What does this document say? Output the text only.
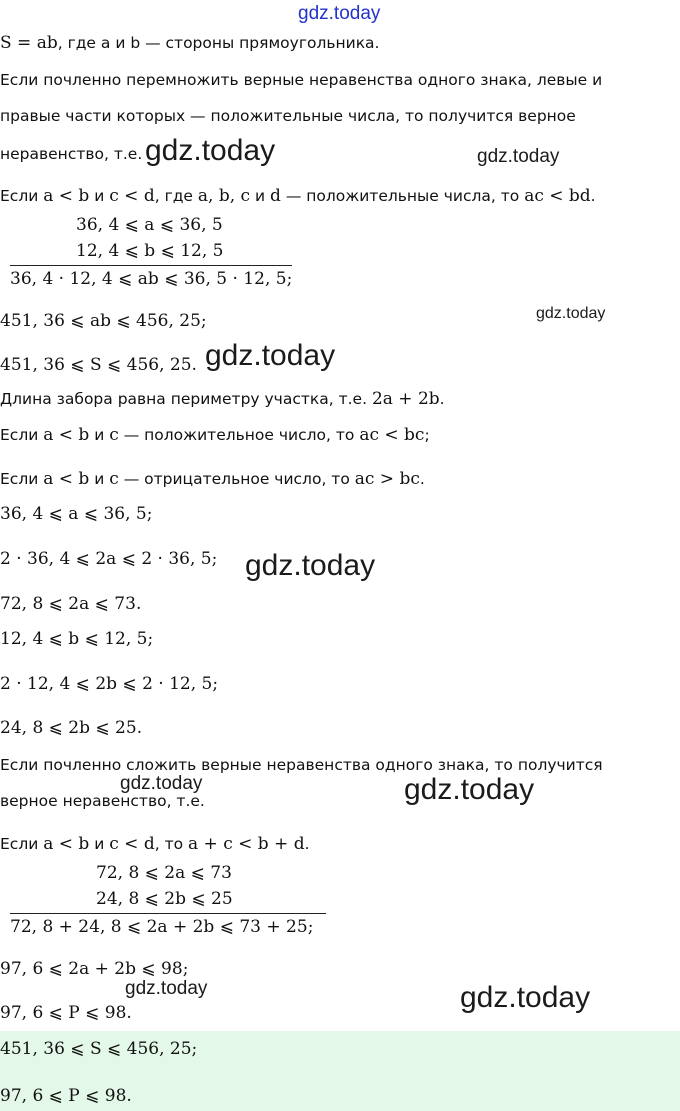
gdz.today
gdz.today	gdz.today
gdz.today
gdz.today
gdz.today
gdz.today	gdz.today
gdz.today	gdz.today
S = ab, где a и b — стороны прямоугольника.
Если почленно перемножить верные неравенства одного знака, левые и
правые части которых — положительные числа, то получится верное
неравенство, т.е.
Если a < b и c < d, где a, b, c и d — положительные числа, то ac < bd.
36, 4 ⩽ a ⩽ 36, 5
12, 4 ⩽ b ⩽ 12, 5
36, 4 · 12, 4 ⩽ ab ⩽ 36, 5 · 12, 5;
451, 36 ⩽ ab ⩽ 456, 25;
451, 36 ⩽ S ⩽ 456, 25.
Длина забора равна периметру участка, т.е. 2a + 2b.
Если a < b и c — положительное число, то ac < bc;
Если a < b и c — отрицательное число, то ac > bc.
36, 4 ⩽ a ⩽ 36, 5;
2 · 36, 4 ⩽ 2a ⩽ 2 · 36, 5;
72, 8 ⩽ 2a ⩽ 73.
12, 4 ⩽ b ⩽ 12, 5;
2 · 12, 4 ⩽ 2b ⩽ 2 · 12, 5;
24, 8 ⩽ 2b ⩽ 25.
Если почленно сложить верные неравенства одного знака, то получится
верное неравенство, т.е.
Если a < b и c < d, то a + c < b + d.
72, 8 ⩽ 2a ⩽ 73
24, 8 ⩽ 2b ⩽ 25
72, 8 + 24, 8 ⩽ 2a + 2b ⩽ 73 + 25;
97, 6 ⩽ 2a + 2b ⩽ 98;
97, 6 ⩽ P ⩽ 98.
451, 36 ⩽ S ⩽ 456, 25;
97, 6 ⩽ P ⩽ 98.
